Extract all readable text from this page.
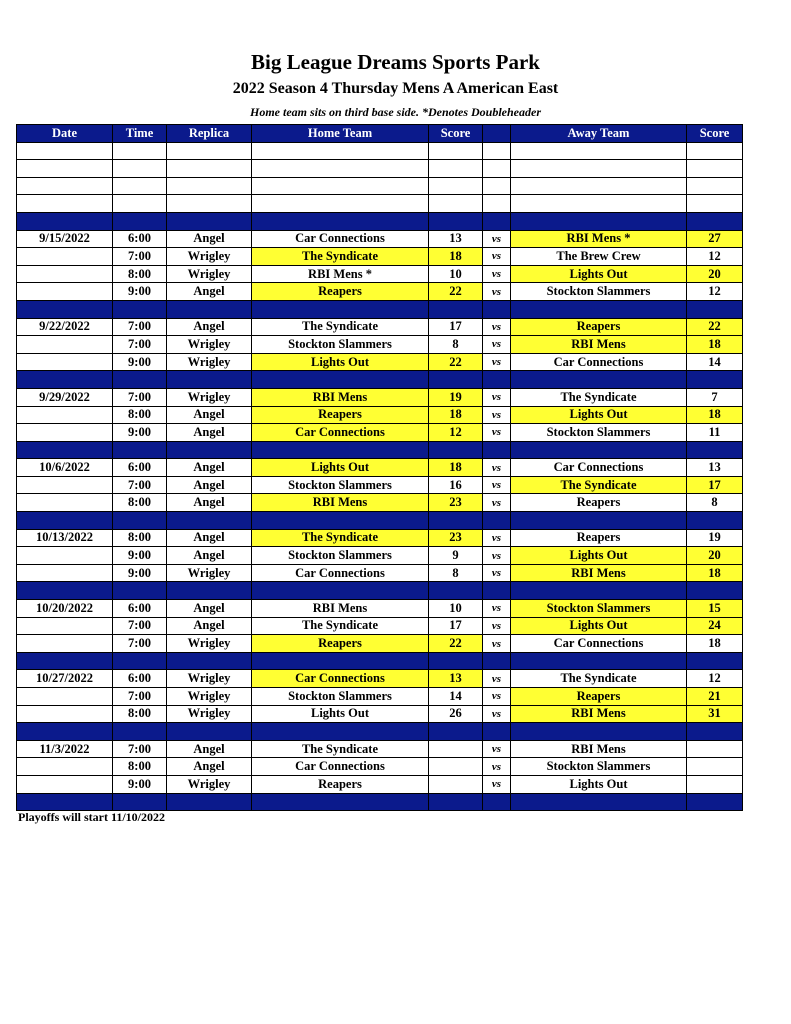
Big League Dreams Sports Park
2022 Season 4 Thursday Mens A American East
Home team sits on third base side. *Denotes Doubleheader
Date	Time	Replica	Home Team	Score		Away Team	Score

9/15/2022	6:00	Angel	Car Connections	13	vs	RBI Mens *	27
	7:00	Wrigley	The Syndicate	18	vs	The Brew Crew	12
	8:00	Wrigley	RBI Mens *	10	vs	Lights Out	20
	9:00	Angel	Reapers	22	vs	Stockton Slammers	12

9/22/2022	7:00	Angel	The Syndicate	17	vs	Reapers	22
	7:00	Wrigley	Stockton Slammers	8	vs	RBI Mens	18
	9:00	Wrigley	Lights Out	22	vs	Car Connections	14

9/29/2022	7:00	Wrigley	RBI Mens	19	vs	The Syndicate	7
	8:00	Angel	Reapers	18	vs	Lights Out	18
	9:00	Angel	Car Connections	12	vs	Stockton Slammers	11

10/6/2022	6:00	Angel	Lights Out	18	vs	Car Connections	13
	7:00	Angel	Stockton Slammers	16	vs	The Syndicate	17
	8:00	Angel	RBI Mens	23	vs	Reapers	8

10/13/2022	8:00	Angel	The Syndicate	23	vs	Reapers	19
	9:00	Angel	Stockton Slammers	9	vs	Lights Out	20
	9:00	Wrigley	Car Connections	8	vs	RBI Mens	18

10/20/2022	6:00	Angel	RBI Mens	10	vs	Stockton Slammers	15
	7:00	Angel	The Syndicate	17	vs	Lights Out	24
	7:00	Wrigley	Reapers	22	vs	Car Connections	18

10/27/2022	6:00	Wrigley	Car Connections	13	vs	The Syndicate	12
	7:00	Wrigley	Stockton Slammers	14	vs	Reapers	21
	8:00	Wrigley	Lights Out	26	vs	RBI Mens	31

11/3/2022	7:00	Angel	The Syndicate		vs	RBI Mens	
	8:00	Angel	Car Connections		vs	Stockton Slammers	
	9:00	Wrigley	Reapers		vs	Lights Out	

Playoffs will start 11/10/2022
